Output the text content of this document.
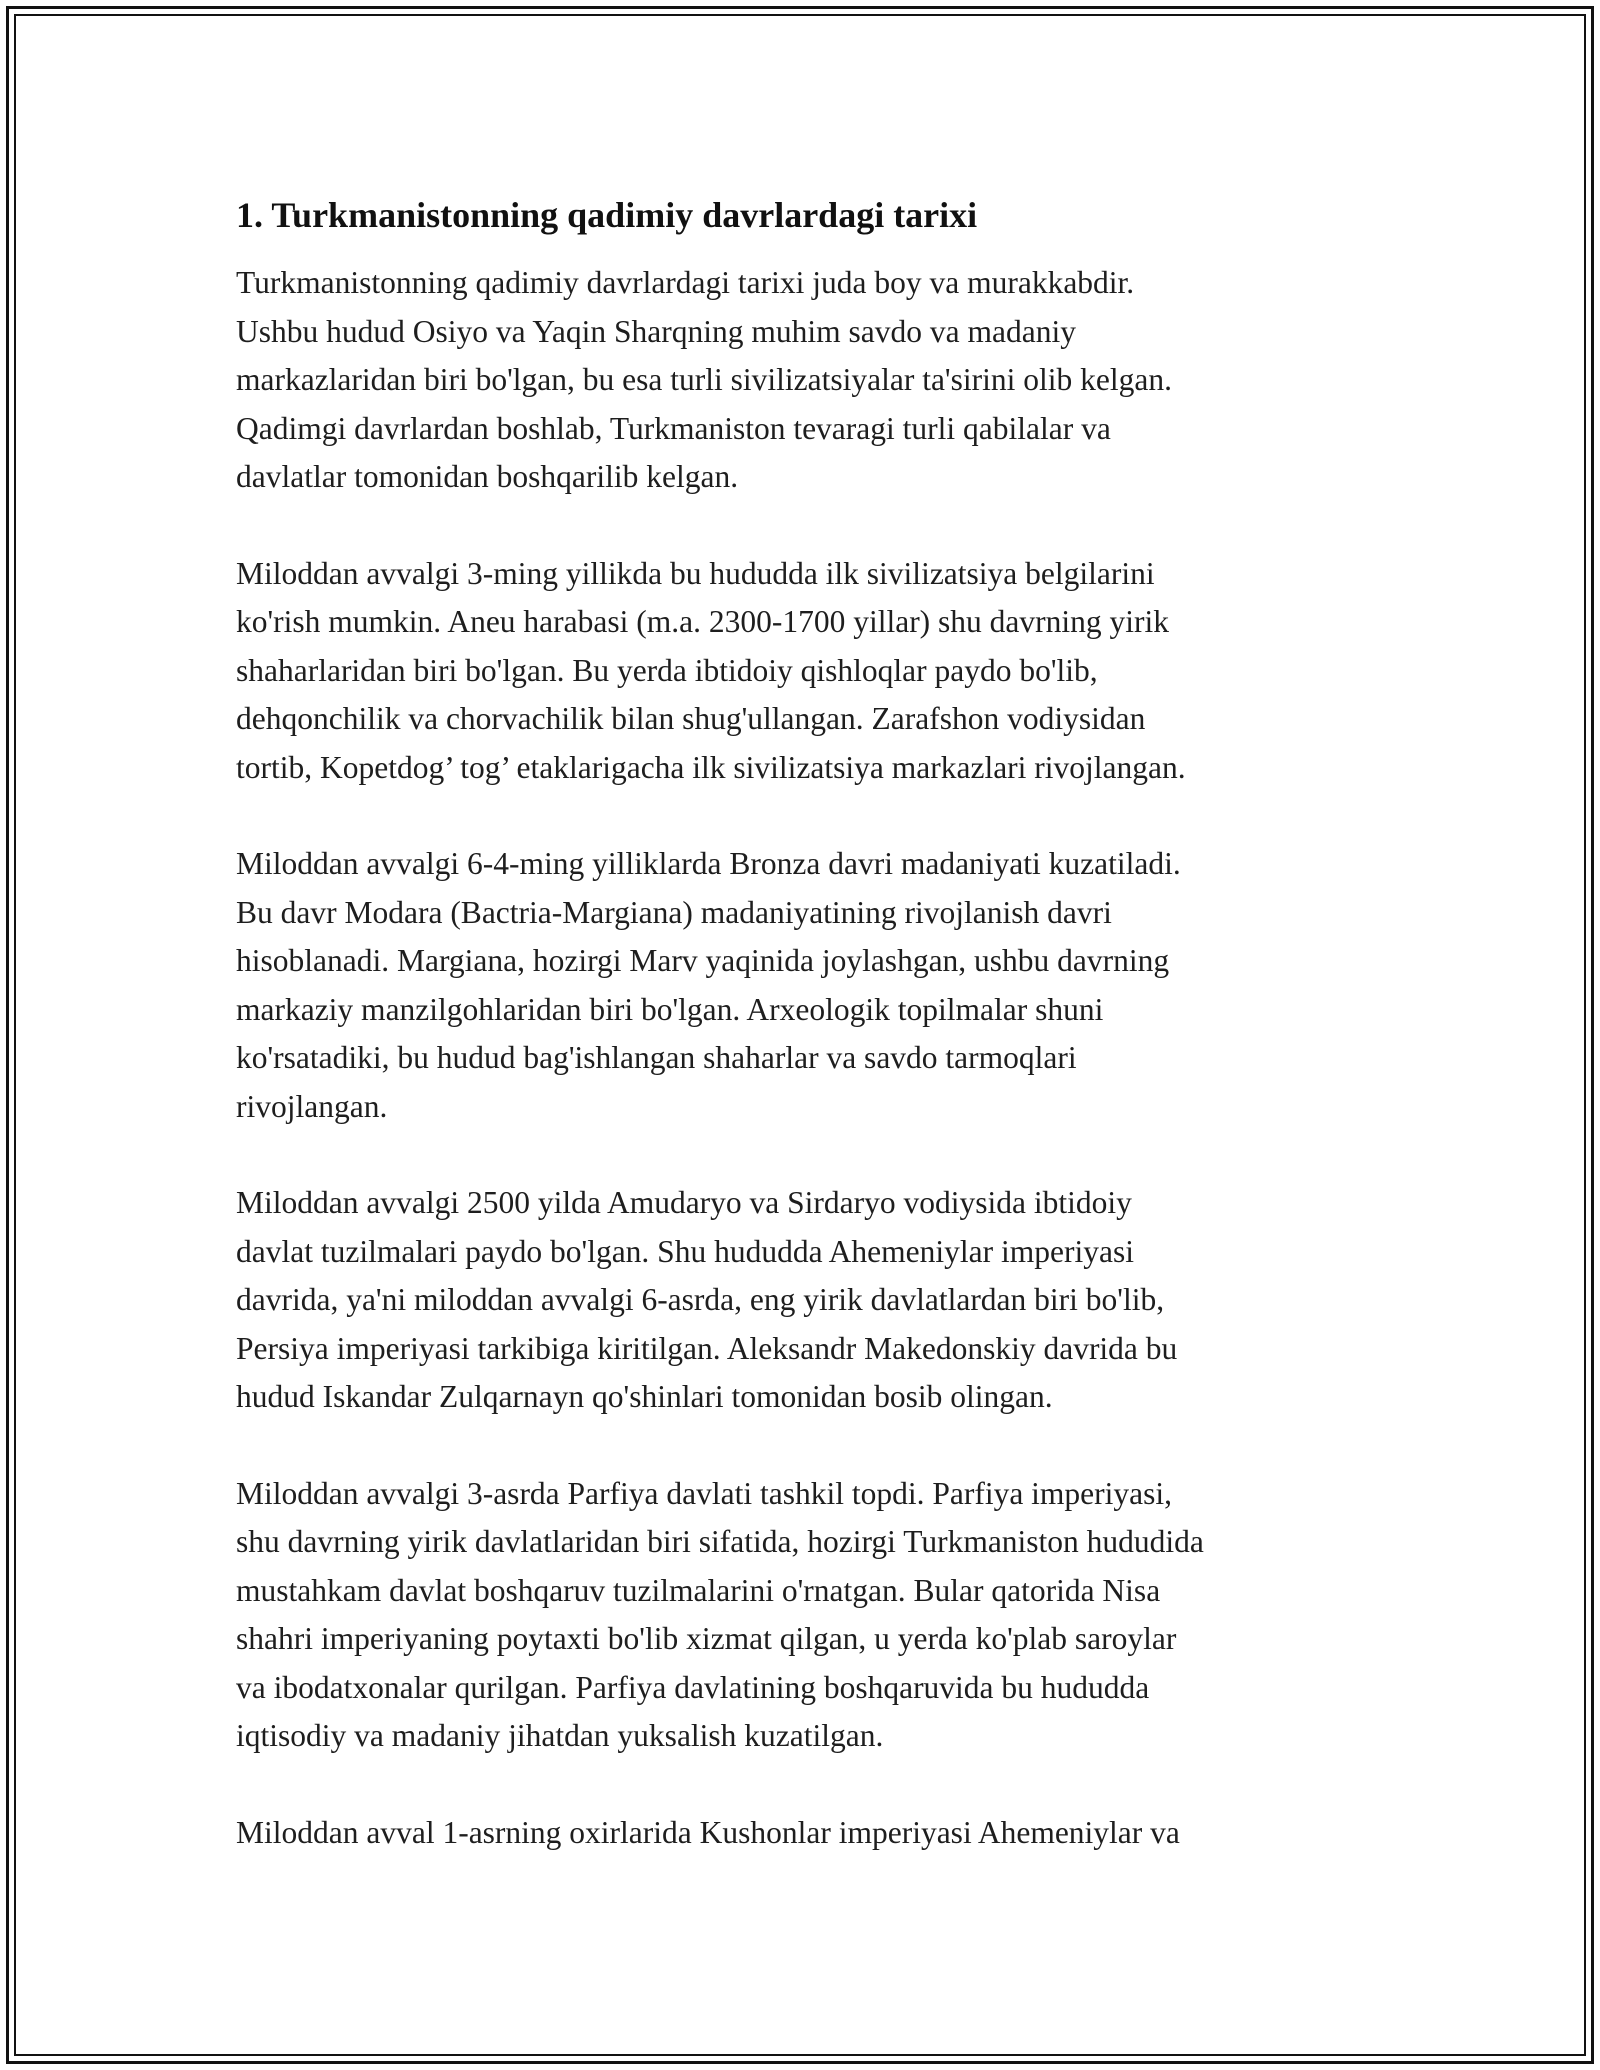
1. Turkmanistonning qadimiy davrlardagi tarixi
Turkmanistonning qadimiy davrlardagi tarixi juda boy va murakkabdir.
Ushbu hudud Osiyo va Yaqin Sharqning muhim savdo va madaniy
markazlaridan biri bo'lgan, bu esa turli sivilizatsiyalar ta'sirini olib kelgan.
Qadimgi davrlardan boshlab, Turkmaniston tevaragi turli qabilalar va
davlatlar tomonidan boshqarilib kelgan.
Miloddan avvalgi 3-ming yillikda bu hududda ilk sivilizatsiya belgilarini
ko'rish mumkin. Aneu harabasi (m.a. 2300-1700 yillar) shu davrning yirik
shaharlaridan biri bo'lgan. Bu yerda ibtidoiy qishloqlar paydo bo'lib,
dehqonchilik va chorvachilik bilan shug'ullangan. Zarafshon vodiysidan
tortib, Kopetdog’ tog’ etaklarigacha ilk sivilizatsiya markazlari rivojlangan.
Miloddan avvalgi 6-4-ming yilliklarda Bronza davri madaniyati kuzatiladi.
Bu davr Modara (Bactria-Margiana) madaniyatining rivojlanish davri
hisoblanadi. Margiana, hozirgi Marv yaqinida joylashgan, ushbu davrning
markaziy manzilgohlaridan biri bo'lgan. Arxeologik topilmalar shuni
ko'rsatadiki, bu hudud bag'ishlangan shaharlar va savdo tarmoqlari
rivojlangan.
Miloddan avvalgi 2500 yilda Amudaryo va Sirdaryo vodiysida ibtidoiy
davlat tuzilmalari paydo bo'lgan. Shu hududda Ahemeniylar imperiyasi
davrida, ya'ni miloddan avvalgi 6-asrda, eng yirik davlatlardan biri bo'lib,
Persiya imperiyasi tarkibiga kiritilgan. Aleksandr Makedonskiy davrida bu
hudud Iskandar Zulqarnayn qo'shinlari tomonidan bosib olingan.
Miloddan avvalgi 3-asrda Parfiya davlati tashkil topdi. Parfiya imperiyasi,
shu davrning yirik davlatlaridan biri sifatida, hozirgi Turkmaniston hududida
mustahkam davlat boshqaruv tuzilmalarini o'rnatgan. Bular qatorida Nisa
shahri imperiyaning poytaxti bo'lib xizmat qilgan, u yerda ko'plab saroylar
va ibodatxonalar qurilgan. Parfiya davlatining boshqaruvida bu hududda
iqtisodiy va madaniy jihatdan yuksalish kuzatilgan.
Miloddan avval 1-asrning oxirlarida Kushonlar imperiyasi Ahemeniylar va
